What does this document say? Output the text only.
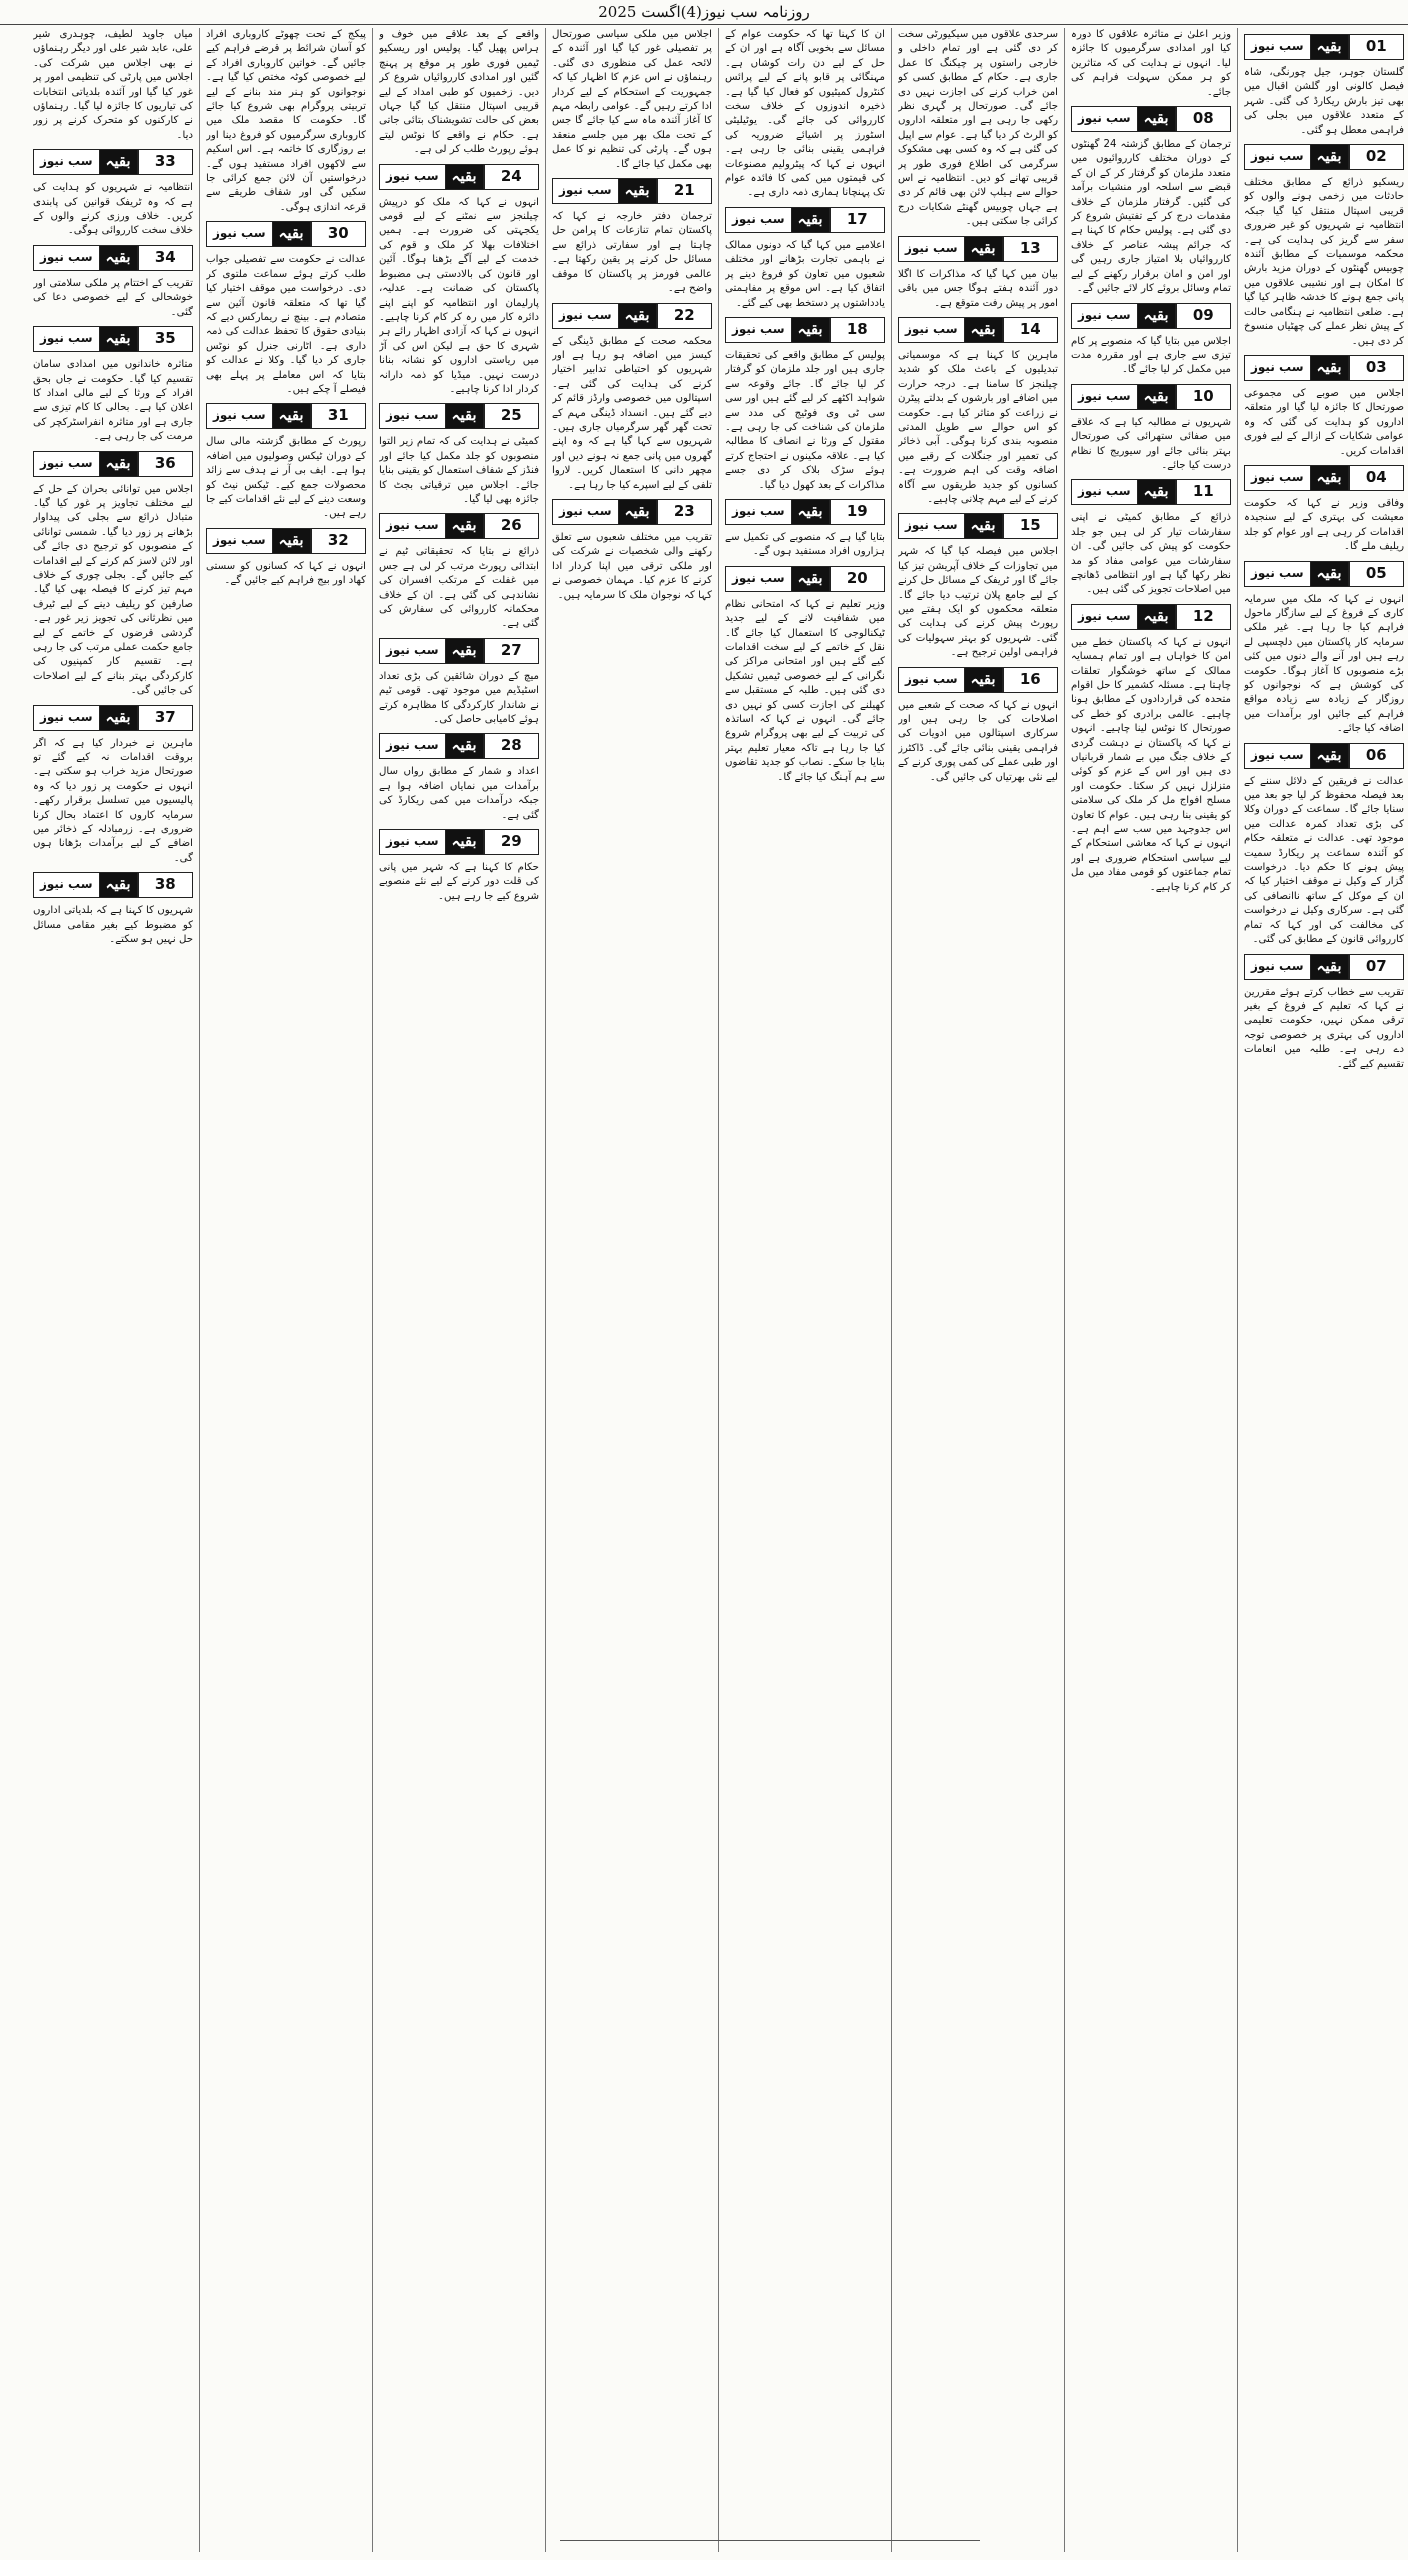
روزنامہ سب نیوز(4)اگست 2025
01
بقیہ
سب نیوز

گلستان جوہر، جیل چورنگی، شاہ فیصل کالونی اور گلشن اقبال میں بھی تیز بارش ریکارڈ کی گئی۔ شہر کے متعدد علاقوں میں بجلی کی فراہمی معطل ہو گئی۔

02
بقیہ
سب نیوز

ریسکیو ذرائع کے مطابق مختلف حادثات میں زخمی ہونے والوں کو قریبی اسپتال منتقل کیا گیا جبکہ انتظامیہ نے شہریوں کو غیر ضروری سفر سے گریز کی ہدایت کی ہے۔ محکمہ موسمیات کے مطابق آئندہ چوبیس گھنٹوں کے دوران مزید بارش کا امکان ہے اور نشیبی علاقوں میں پانی جمع ہونے کا خدشہ ظاہر کیا گیا ہے۔ ضلعی انتظامیہ نے ہنگامی حالت کے پیش نظر عملے کی چھٹیاں منسوخ کر دی ہیں۔

03
بقیہ
سب نیوز

اجلاس میں صوبے کی مجموعی صورتحال کا جائزہ لیا گیا اور متعلقہ اداروں کو ہدایت کی گئی کہ وہ عوامی شکایات کے ازالے کے لیے فوری اقدامات کریں۔

04
بقیہ
سب نیوز

وفاقی وزیر نے کہا کہ حکومت معیشت کی بہتری کے لیے سنجیدہ اقدامات کر رہی ہے اور عوام کو جلد ریلیف ملے گا۔

05
بقیہ
سب نیوز

انہوں نے کہا کہ ملک میں سرمایہ کاری کے فروغ کے لیے سازگار ماحول فراہم کیا جا رہا ہے۔ غیر ملکی سرمایہ کار پاکستان میں دلچسپی لے رہے ہیں اور آنے والے دنوں میں کئی بڑے منصوبوں کا آغاز ہوگا۔ حکومت کی کوشش ہے کہ نوجوانوں کو روزگار کے زیادہ سے زیادہ مواقع فراہم کیے جائیں اور برآمدات میں اضافہ کیا جائے۔

06
بقیہ
سب نیوز

عدالت نے فریقین کے دلائل سننے کے بعد فیصلہ محفوظ کر لیا جو بعد میں سنایا جائے گا۔ سماعت کے دوران وکلا کی بڑی تعداد کمرہ عدالت میں موجود تھی۔ عدالت نے متعلقہ حکام کو آئندہ سماعت پر ریکارڈ سمیت پیش ہونے کا حکم دیا۔ درخواست گزار کے وکیل نے موقف اختیار کیا کہ ان کے موکل کے ساتھ ناانصافی کی گئی ہے۔ سرکاری وکیل نے درخواست کی مخالفت کی اور کہا کہ تمام کارروائی قانون کے مطابق کی گئی۔

07
بقیہ
سب نیوز

تقریب سے خطاب کرتے ہوئے مقررین نے کہا کہ تعلیم کے فروغ کے بغیر ترقی ممکن نہیں، حکومت تعلیمی اداروں کی بہتری پر خصوصی توجہ دے رہی ہے۔ طلبہ میں انعامات تقسیم کیے گئے۔

وزیر اعلیٰ نے متاثرہ علاقوں کا دورہ کیا اور امدادی سرگرمیوں کا جائزہ لیا۔ انہوں نے ہدایت کی کہ متاثرین کو ہر ممکن سہولت فراہم کی جائے۔

08
بقیہ
سب نیوز

ترجمان کے مطابق گزشتہ 24 گھنٹوں کے دوران مختلف کارروائیوں میں متعدد ملزمان کو گرفتار کر کے ان کے قبضے سے اسلحہ اور منشیات برآمد کی گئیں۔ گرفتار ملزمان کے خلاف مقدمات درج کر کے تفتیش شروع کر دی گئی ہے۔ پولیس حکام کا کہنا ہے کہ جرائم پیشہ عناصر کے خلاف کارروائیاں بلا امتیاز جاری رہیں گی اور امن و امان برقرار رکھنے کے لیے تمام وسائل بروئے کار لائے جائیں گے۔

09
بقیہ
سب نیوز

اجلاس میں بتایا گیا کہ منصوبے پر کام تیزی سے جاری ہے اور مقررہ مدت میں مکمل کر لیا جائے گا۔

10
بقیہ
سب نیوز

شہریوں نے مطالبہ کیا ہے کہ علاقے میں صفائی ستھرائی کی صورتحال بہتر بنائی جائے اور سیوریج کا نظام درست کیا جائے۔

11
بقیہ
سب نیوز

ذرائع کے مطابق کمیٹی نے اپنی سفارشات تیار کر لی ہیں جو جلد حکومت کو پیش کی جائیں گی۔ ان سفارشات میں عوامی مفاد کو مد نظر رکھا گیا ہے اور انتظامی ڈھانچے میں اصلاحات تجویز کی گئی ہیں۔

12
بقیہ
سب نیوز

انہوں نے کہا کہ پاکستان خطے میں امن کا خواہاں ہے اور تمام ہمسایہ ممالک کے ساتھ خوشگوار تعلقات چاہتا ہے۔ مسئلہ کشمیر کا حل اقوام متحدہ کی قراردادوں کے مطابق ہونا چاہیے۔ عالمی برادری کو خطے کی صورتحال کا نوٹس لینا چاہیے۔ انہوں نے کہا کہ پاکستان نے دہشت گردی کے خلاف جنگ میں بے شمار قربانیاں دی ہیں اور اس کے عزم کو کوئی متزلزل نہیں کر سکتا۔ حکومت اور مسلح افواج مل کر ملک کی سلامتی کو یقینی بنا رہی ہیں۔ عوام کا تعاون اس جدوجہد میں سب سے اہم ہے۔ انہوں نے کہا کہ معاشی استحکام کے لیے سیاسی استحکام ضروری ہے اور تمام جماعتوں کو قومی مفاد میں مل کر کام کرنا چاہیے۔

سرحدی علاقوں میں سیکیورٹی سخت کر دی گئی ہے اور تمام داخلی و خارجی راستوں پر چیکنگ کا عمل جاری ہے۔ حکام کے مطابق کسی کو امن خراب کرنے کی اجازت نہیں دی جائے گی۔ صورتحال پر گہری نظر رکھی جا رہی ہے اور متعلقہ اداروں کو الرٹ کر دیا گیا ہے۔ عوام سے اپیل کی گئی ہے کہ وہ کسی بھی مشکوک سرگرمی کی اطلاع فوری طور پر قریبی تھانے کو دیں۔ انتظامیہ نے اس حوالے سے ہیلپ لائن بھی قائم کر دی ہے جہاں چوبیس گھنٹے شکایات درج کرائی جا سکتی ہیں۔

13
بقیہ
سب نیوز

بیان میں کہا گیا کہ مذاکرات کا اگلا دور آئندہ ہفتے ہوگا جس میں باقی امور پر پیش رفت متوقع ہے۔

14
بقیہ
سب نیوز

ماہرین کا کہنا ہے کہ موسمیاتی تبدیلیوں کے باعث ملک کو شدید چیلنجز کا سامنا ہے۔ درجہ حرارت میں اضافے اور بارشوں کے بدلتے پیٹرن نے زراعت کو متاثر کیا ہے۔ حکومت کو اس حوالے سے طویل المدتی منصوبہ بندی کرنا ہوگی۔ آبی ذخائر کی تعمیر اور جنگلات کے رقبے میں اضافہ وقت کی اہم ضرورت ہے۔ کسانوں کو جدید طریقوں سے آگاہ کرنے کے لیے مہم چلانی چاہیے۔

15
بقیہ
سب نیوز

اجلاس میں فیصلہ کیا گیا کہ شہر میں تجاوزات کے خلاف آپریشن تیز کیا جائے گا اور ٹریفک کے مسائل حل کرنے کے لیے جامع پلان ترتیب دیا جائے گا۔ متعلقہ محکموں کو ایک ہفتے میں رپورٹ پیش کرنے کی ہدایت کی گئی۔ شہریوں کو بہتر سہولیات کی فراہمی اولین ترجیح ہے۔

16
بقیہ
سب نیوز

انہوں نے کہا کہ صحت کے شعبے میں اصلاحات کی جا رہی ہیں اور سرکاری اسپتالوں میں ادویات کی فراہمی یقینی بنائی جائے گی۔ ڈاکٹرز اور طبی عملے کی کمی پوری کرنے کے لیے نئی بھرتیاں کی جائیں گی۔

ان کا کہنا تھا کہ حکومت عوام کے مسائل سے بخوبی آگاہ ہے اور ان کے حل کے لیے دن رات کوشاں ہے۔ مہنگائی پر قابو پانے کے لیے پرائس کنٹرول کمیٹیوں کو فعال کیا گیا ہے۔ ذخیرہ اندوزوں کے خلاف سخت کارروائی کی جائے گی۔ یوٹیلیٹی اسٹورز پر اشیائے ضروریہ کی فراہمی یقینی بنائی جا رہی ہے۔ انہوں نے کہا کہ پیٹرولیم مصنوعات کی قیمتوں میں کمی کا فائدہ عوام تک پہنچانا ہماری ذمہ داری ہے۔

17
بقیہ
سب نیوز

اعلامیے میں کہا گیا کہ دونوں ممالک نے باہمی تجارت بڑھانے اور مختلف شعبوں میں تعاون کو فروغ دینے پر اتفاق کیا ہے۔ اس موقع پر مفاہمتی یادداشتوں پر دستخط بھی کیے گئے۔

18
بقیہ
سب نیوز

پولیس کے مطابق واقعے کی تحقیقات جاری ہیں اور جلد ملزمان کو گرفتار کر لیا جائے گا۔ جائے وقوعہ سے شواہد اکٹھے کر لیے گئے ہیں اور سی سی ٹی وی فوٹیج کی مدد سے ملزمان کی شناخت کی جا رہی ہے۔ مقتول کے ورثا نے انصاف کا مطالبہ کیا ہے۔ علاقہ مکینوں نے احتجاج کرتے ہوئے سڑک بلاک کر دی جسے مذاکرات کے بعد کھول دیا گیا۔

19
بقیہ
سب نیوز

بتایا گیا ہے کہ منصوبے کی تکمیل سے ہزاروں افراد مستفید ہوں گے۔

20
بقیہ
سب نیوز

وزیر تعلیم نے کہا کہ امتحانی نظام میں شفافیت لانے کے لیے جدید ٹیکنالوجی کا استعمال کیا جائے گا۔ نقل کے خاتمے کے لیے سخت اقدامات کیے گئے ہیں اور امتحانی مراکز کی نگرانی کے لیے خصوصی ٹیمیں تشکیل دی گئی ہیں۔ طلبہ کے مستقبل سے کھیلنے کی اجازت کسی کو نہیں دی جائے گی۔ انہوں نے کہا کہ اساتذہ کی تربیت کے لیے بھی پروگرام شروع کیا جا رہا ہے تاکہ معیار تعلیم بہتر بنایا جا سکے۔ نصاب کو جدید تقاضوں سے ہم آہنگ کیا جائے گا۔

اجلاس میں ملکی سیاسی صورتحال پر تفصیلی غور کیا گیا اور آئندہ کے لائحہ عمل کی منظوری دی گئی۔ رہنماؤں نے اس عزم کا اظہار کیا کہ جمہوریت کے استحکام کے لیے کردار ادا کرتے رہیں گے۔ عوامی رابطہ مہم کا آغاز آئندہ ماہ سے کیا جائے گا جس کے تحت ملک بھر میں جلسے منعقد ہوں گے۔ پارٹی کی تنظیم نو کا عمل بھی مکمل کیا جائے گا۔

21
بقیہ
سب نیوز

ترجمان دفتر خارجہ نے کہا کہ پاکستان تمام تنازعات کا پرامن حل چاہتا ہے اور سفارتی ذرائع سے مسائل حل کرنے پر یقین رکھتا ہے۔ عالمی فورمز پر پاکستان کا موقف واضح ہے۔

22
بقیہ
سب نیوز

محکمہ صحت کے مطابق ڈینگی کے کیسز میں اضافہ ہو رہا ہے اور شہریوں کو احتیاطی تدابیر اختیار کرنے کی ہدایت کی گئی ہے۔ اسپتالوں میں خصوصی وارڈز قائم کر دیے گئے ہیں۔ انسداد ڈینگی مہم کے تحت گھر گھر سرگرمیاں جاری ہیں۔ شہریوں سے کہا گیا ہے کہ وہ اپنے گھروں میں پانی جمع نہ ہونے دیں اور مچھر دانی کا استعمال کریں۔ لاروا تلفی کے لیے اسپرے کیا جا رہا ہے۔

23
بقیہ
سب نیوز

تقریب میں مختلف شعبوں سے تعلق رکھنے والی شخصیات نے شرکت کی اور ملکی ترقی میں اپنا کردار ادا کرنے کا عزم کیا۔ مہمان خصوصی نے کہا کہ نوجوان ملک کا سرمایہ ہیں۔

واقعے کے بعد علاقے میں خوف و ہراس پھیل گیا۔ پولیس اور ریسکیو ٹیمیں فوری طور پر موقع پر پہنچ گئیں اور امدادی کارروائیاں شروع کر دیں۔ زخمیوں کو طبی امداد کے لیے قریبی اسپتال منتقل کیا گیا جہاں بعض کی حالت تشویشناک بتائی جاتی ہے۔ حکام نے واقعے کا نوٹس لیتے ہوئے رپورٹ طلب کر لی ہے۔

24
بقیہ
سب نیوز

انہوں نے کہا کہ ملک کو درپیش چیلنجز سے نمٹنے کے لیے قومی یکجہتی کی ضرورت ہے۔ ہمیں اختلافات بھلا کر ملک و قوم کی خدمت کے لیے آگے بڑھنا ہوگا۔ آئین اور قانون کی بالادستی ہی مضبوط پاکستان کی ضمانت ہے۔ عدلیہ، پارلیمان اور انتظامیہ کو اپنے اپنے دائرہ کار میں رہ کر کام کرنا چاہیے۔ انہوں نے کہا کہ آزادی اظہار رائے ہر شہری کا حق ہے لیکن اس کی آڑ میں ریاستی اداروں کو نشانہ بنانا درست نہیں۔ میڈیا کو ذمہ دارانہ کردار ادا کرنا چاہیے۔

25
بقیہ
سب نیوز

کمیٹی نے ہدایت کی کہ تمام زیر التوا منصوبوں کو جلد مکمل کیا جائے اور فنڈز کے شفاف استعمال کو یقینی بنایا جائے۔ اجلاس میں ترقیاتی بجٹ کا جائزہ بھی لیا گیا۔

26
بقیہ
سب نیوز

ذرائع نے بتایا کہ تحقیقاتی ٹیم نے ابتدائی رپورٹ مرتب کر لی ہے جس میں غفلت کے مرتکب افسران کی نشاندہی کی گئی ہے۔ ان کے خلاف محکمانہ کارروائی کی سفارش کی گئی ہے۔

27
بقیہ
سب نیوز

میچ کے دوران شائقین کی بڑی تعداد اسٹیڈیم میں موجود تھی۔ قومی ٹیم نے شاندار کارکردگی کا مظاہرہ کرتے ہوئے کامیابی حاصل کی۔

28
بقیہ
سب نیوز

اعداد و شمار کے مطابق رواں سال برآمدات میں نمایاں اضافہ ہوا ہے جبکہ درآمدات میں کمی ریکارڈ کی گئی ہے۔

29
بقیہ
سب نیوز

حکام کا کہنا ہے کہ شہر میں پانی کی قلت دور کرنے کے لیے نئے منصوبے شروع کیے جا رہے ہیں۔

پیکج کے تحت چھوٹے کاروباری افراد کو آسان شرائط پر قرضے فراہم کیے جائیں گے۔ خواتین کاروباری افراد کے لیے خصوصی کوٹہ مختص کیا گیا ہے۔ نوجوانوں کو ہنر مند بنانے کے لیے تربیتی پروگرام بھی شروع کیا جائے گا۔ حکومت کا مقصد ملک میں کاروباری سرگرمیوں کو فروغ دینا اور بے روزگاری کا خاتمہ ہے۔ اس اسکیم سے لاکھوں افراد مستفید ہوں گے۔ درخواستیں آن لائن جمع کرائی جا سکیں گی اور شفاف طریقے سے قرعہ اندازی ہوگی۔

30
بقیہ
سب نیوز

عدالت نے حکومت سے تفصیلی جواب طلب کرتے ہوئے سماعت ملتوی کر دی۔ درخواست میں موقف اختیار کیا گیا تھا کہ متعلقہ قانون آئین سے متصادم ہے۔ بینچ نے ریمارکس دیے کہ بنیادی حقوق کا تحفظ عدالت کی ذمہ داری ہے۔ اٹارنی جنرل کو نوٹس جاری کر دیا گیا۔ وکلا نے عدالت کو بتایا کہ اس معاملے پر پہلے بھی فیصلے آ چکے ہیں۔

31
بقیہ
سب نیوز

رپورٹ کے مطابق گزشتہ مالی سال کے دوران ٹیکس وصولیوں میں اضافہ ہوا ہے۔ ایف بی آر نے ہدف سے زائد محصولات جمع کیے۔ ٹیکس نیٹ کو وسعت دینے کے لیے نئے اقدامات کیے جا رہے ہیں۔

32
بقیہ
سب نیوز

انہوں نے کہا کہ کسانوں کو سستی کھاد اور بیج فراہم کیے جائیں گے۔

میاں جاوید لطیف، چوہدری شیر علی، عابد شیر علی اور دیگر رہنماؤں نے بھی اجلاس میں شرکت کی۔ اجلاس میں پارٹی کی تنظیمی امور پر غور کیا گیا اور آئندہ بلدیاتی انتخابات کی تیاریوں کا جائزہ لیا گیا۔ رہنماؤں نے کارکنوں کو متحرک کرنے پر زور دیا۔

33
بقیہ
سب نیوز

انتظامیہ نے شہریوں کو ہدایت کی ہے کہ وہ ٹریفک قوانین کی پابندی کریں۔ خلاف ورزی کرنے والوں کے خلاف سخت کارروائی ہوگی۔

34
بقیہ
سب نیوز

تقریب کے اختتام پر ملکی سلامتی اور خوشحالی کے لیے خصوصی دعا کی گئی۔

35
بقیہ
سب نیوز

متاثرہ خاندانوں میں امدادی سامان تقسیم کیا گیا۔ حکومت نے جاں بحق افراد کے ورثا کے لیے مالی امداد کا اعلان کیا ہے۔ بحالی کا کام تیزی سے جاری ہے اور متاثرہ انفراسٹرکچر کی مرمت کی جا رہی ہے۔

36
بقیہ
سب نیوز

اجلاس میں توانائی بحران کے حل کے لیے مختلف تجاویز پر غور کیا گیا۔ متبادل ذرائع سے بجلی کی پیداوار بڑھانے پر زور دیا گیا۔ شمسی توانائی کے منصوبوں کو ترجیح دی جائے گی اور لائن لاسز کم کرنے کے لیے اقدامات کیے جائیں گے۔ بجلی چوری کے خلاف مہم تیز کرنے کا فیصلہ بھی کیا گیا۔ صارفین کو ریلیف دینے کے لیے ٹیرف میں نظرثانی کی تجویز زیر غور ہے۔ گردشی قرضوں کے خاتمے کے لیے جامع حکمت عملی مرتب کی جا رہی ہے۔ تقسیم کار کمپنیوں کی کارکردگی بہتر بنانے کے لیے اصلاحات کی جائیں گی۔

37
بقیہ
سب نیوز

ماہرین نے خبردار کیا ہے کہ اگر بروقت اقدامات نہ کیے گئے تو صورتحال مزید خراب ہو سکتی ہے۔ انہوں نے حکومت پر زور دیا کہ وہ پالیسیوں میں تسلسل برقرار رکھے۔ سرمایہ کاروں کا اعتماد بحال کرنا ضروری ہے۔ زرمبادلہ کے ذخائر میں اضافے کے لیے برآمدات بڑھانا ہوں گی۔

38
بقیہ
سب نیوز

شہریوں کا کہنا ہے کہ بلدیاتی اداروں کو مضبوط کیے بغیر مقامی مسائل حل نہیں ہو سکتے۔
